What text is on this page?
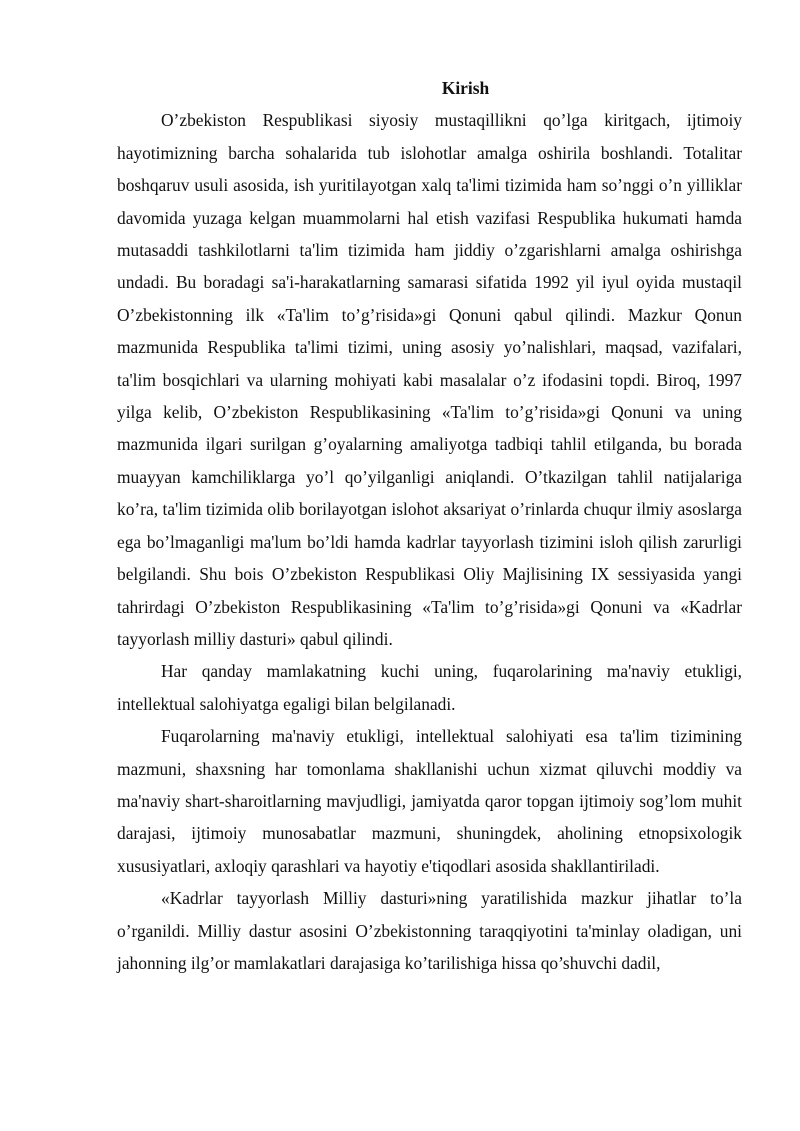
Kirish

O’zbekiston Respublikasi siyosiy mustaqillikni qo’lga kiritgach, ijtimoiy hayotimizning barcha sohalarida tub islohotlar amalga oshirila boshlandi. Totalitar boshqaruv usuli asosida, ish yuritilayotgan xalq ta'limi tizimida ham so’nggi o’n yilliklar davomida yuzaga kelgan muammolarni hal etish vazifasi Respublika hukumati hamda mutasaddi tashkilotlarni ta'lim tizimida ham jiddiy o’zgarishlarni amalga oshirishga undadi. Bu boradagi sa'i-harakatlarning samarasi sifatida 1992 yil iyul oyida mustaqil O’zbekistonning ilk «Ta'lim to’g’risida»gi Qonuni qabul qilindi. Mazkur Qonun mazmunida Respublika ta'limi tizimi, uning asosiy yo’nalishlari, maqsad, vazifalari, ta'lim bosqichlari va ularning mohiyati kabi masalalar o’z ifodasini topdi. Biroq, 1997 yilga kelib, O’zbekiston Respublikasining «Ta'lim to’g’risida»gi Qonuni va uning mazmunida ilgari surilgan g’oyalarning amaliyotga tadbiqi tahlil etilganda, bu borada muayyan kamchiliklarga yo’l qo’yilganligi aniqlandi. O’tkazilgan tahlil natijalariga ko’ra, ta'lim tizimida olib borilayotgan islohot aksariyat o’rinlarda chuqur ilmiy asoslarga ega bo’lmaganligi ma'lum bo’ldi hamda kadrlar tayyorlash tizimini isloh qilish zarurligi belgilandi. Shu bois O’zbekiston Respublikasi Oliy Majlisining IX sessiyasida yangi tahrirdagi O’zbekiston Respublikasining «Ta'lim to’g’risida»gi Qonuni va «Kadrlar tayyorlash milliy dasturi» qabul qilindi.

Har qanday mamlakatning kuchi uning, fuqarolarining ma'naviy etukligi, intellektual salohiyatga egaligi bilan belgilanadi.

Fuqarolarning ma'naviy etukligi, intellektual salohiyati esa ta'lim tizimining mazmuni, shaxsning har tomonlama shakllanishi uchun xizmat qiluvchi moddiy va ma'naviy shart-sharoitlarning mavjudligi, jamiyatda qaror topgan ijtimoiy sog’lom muhit darajasi, ijtimoiy munosabatlar mazmuni, shuningdek, aholining etnopsixologik xususiyatlari, axloqiy qarashlari va hayotiy e'tiqodlari asosida shakllantiriladi.

«Kadrlar tayyorlash Milliy dasturi»ning yaratilishida mazkur jihatlar to’la o’rganildi. Milliy dastur asosini O’zbekistonning taraqqiyotini ta'minlay oladigan, uni jahonning ilg’or mamlakatlari darajasiga ko’tarilishiga hissa qo’shuvchi dadil,
